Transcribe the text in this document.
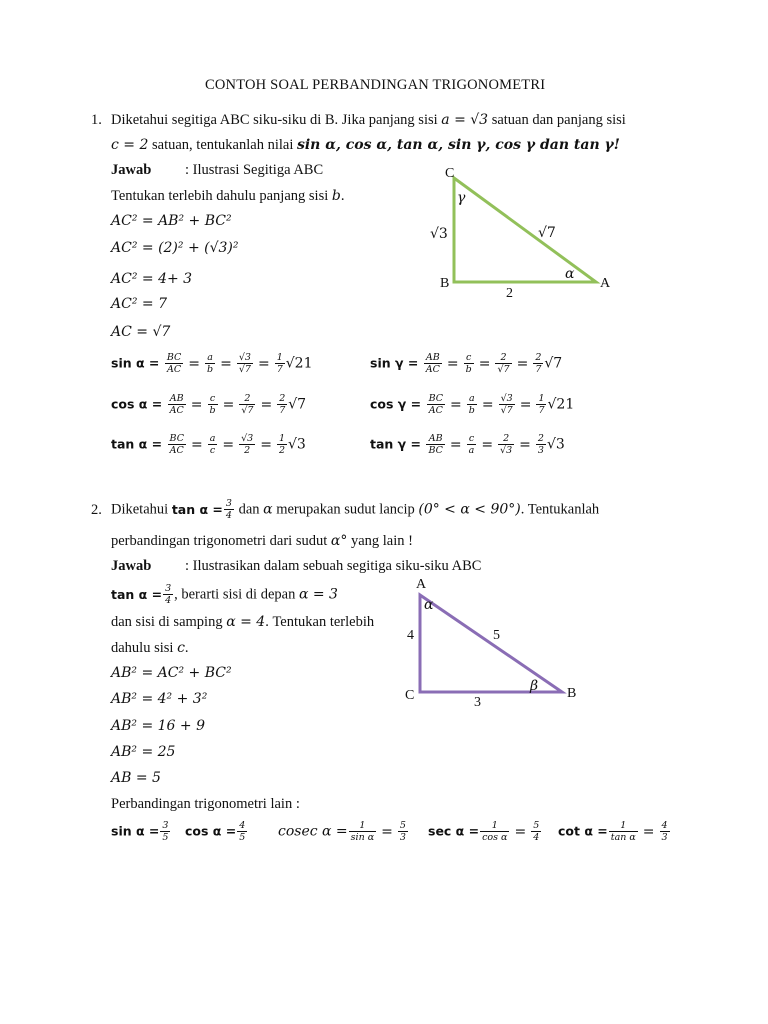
CONTOH SOAL PERBANDINGAN TRIGONOMETRI
1. Diketahui segitiga ABC siku-siku di B. Jika panjang sisi a = √3 satuan dan panjang sisi
c = 2 satuan, tentukanlah nilai sin α, cos α, tan α, sin γ, cos γ dan tan γ!
Jawab : Ilustrasi Segitiga ABC
Tentukan terlebih dahulu panjang sisi b.
AC² = AB² + BC²
AC² = (2)² + (√3)²
AC² = 4+ 3
AC² = 7
AC = √7
C
γ
√3	√7
α
B	A
2
$\sin \alpha = \frac{BC}{AC} = \frac{a}{b} = \frac{√3}{√7} = \frac{1}{7} √21$	$\sin \gamma = \frac{AB}{AC} = \frac{c}{b} = \frac{2}{√7} = \frac{2}{7} √7$
$\cos \alpha = \frac{AB}{AC} = \frac{c}{b} = \frac{2}{√7} = \frac{2}{7} √7$	$\cos \gamma = \frac{BC}{AC} = \frac{a}{b} = \frac{√3}{√7} = \frac{1}{7} √21$
$\tan \alpha = \frac{BC}{AC} = \frac{a}{c} = \frac{√3}{2} = \frac{1}{2} √3$	$\tan \gamma = \frac{AB}{BC} = \frac{c}{a} = \frac{2}{√3} = \frac{2}{3} √3$
2. Diketahui $\tan \alpha = \frac{3}{4}$ dan α merupakan sudut lancip (0° < α < 90°). Tentukanlah
perbandingan trigonometri dari sudut α° yang lain !
Jawab : Ilustrasikan dalam sebuah segitiga siku-siku ABC
$\tan \alpha = \frac{3}{4}$ , berarti sisi di depan α = 3
dan sisi di samping α = 4. Tentukan terlebih
dahulu sisi c.
AB² = AC² + BC²
AB² = 4² + 3²
AB² = 16 + 9
AB² = 25
AB = 5
A
α
4	5
β
C	B
3
Perbandingan trigonometri lain :
$\sin \alpha = \frac{3}{5}$ $\cos \alpha = \frac{4}{5}$ cosec $\alpha = \frac{1}{\text{sin α}} = \frac{5}{3}$ $\sec \alpha = \frac{1}{\text{cos α}} = \frac{5}{4}$ $\cot \alpha = \frac{1}{\text{tan α}} = \frac{4}{3}$
